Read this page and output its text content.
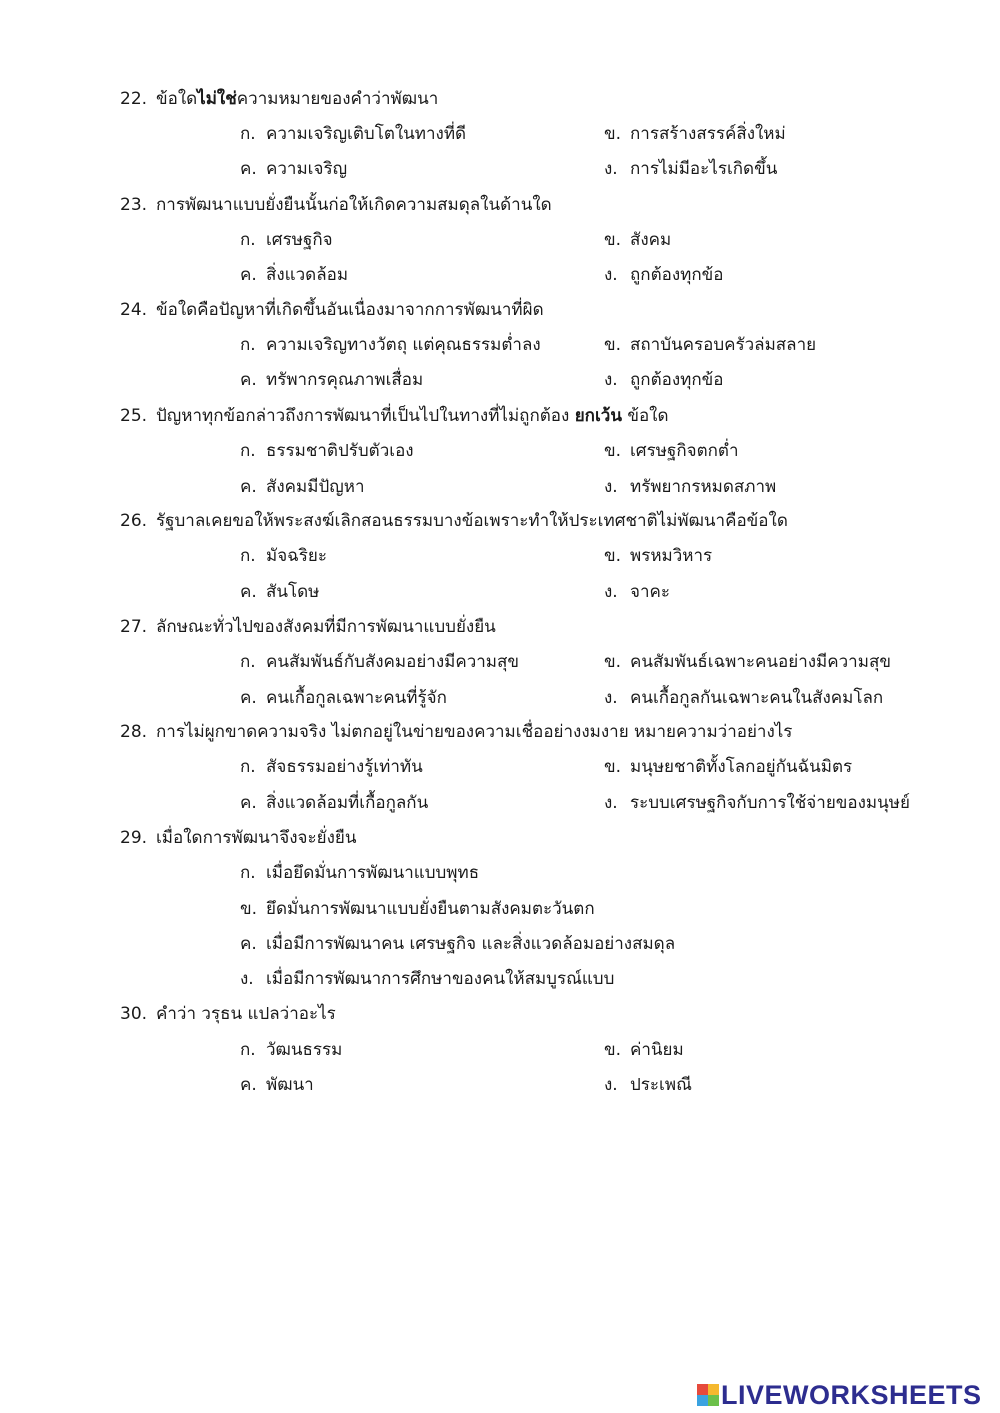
22. ข้อใดไม่ใช่ความหมายของคำว่าพัฒนา
ก. ความเจริญเติบโตในทางที่ดี	ข. การสร้างสรรค์สิ่งใหม่
ค. ความเจริญ	ง. การไม่มีอะไรเกิดขึ้น
23. การพัฒนาแบบยั่งยืนนั้นก่อให้เกิดความสมดุลในด้านใด
ก. เศรษฐกิจ	ข. สังคม
ค. สิ่งแวดล้อม	ง. ถูกต้องทุกข้อ
24. ข้อใดคือปัญหาที่เกิดขึ้นอันเนื่องมาจากการพัฒนาที่ผิด
ก. ความเจริญทางวัตถุ แต่คุณธรรมต่ำลง	ข. สถาบันครอบครัวล่มสลาย
ค. ทรัพากรคุณภาพเสื่อม	ง. ถูกต้องทุกข้อ
25. ปัญหาทุกข้อกล่าวถึงการพัฒนาที่เป็นไปในทางที่ไม่ถูกต้อง ยกเว้น ข้อใด
ก. ธรรมชาติปรับตัวเอง	ข. เศรษฐกิจตกต่ำ
ค. สังคมมีปัญหา	ง. ทรัพยากรหมดสภาพ
26. รัฐบาลเคยขอให้พระสงฆ์เลิกสอนธรรมบางข้อเพราะทำให้ประเทศชาติไม่พัฒนาคือข้อใด
ก. มัจฉริยะ	ข. พรหมวิหาร
ค. สันโดษ	ง. จาคะ
27. ลักษณะทั่วไปของสังคมที่มีการพัฒนาแบบยั่งยืน
ก. คนสัมพันธ์กับสังคมอย่างมีความสุข	ข. คนสัมพันธ์เฉพาะคนอย่างมีความสุข
ค. คนเกื้อกูลเฉพาะคนที่รู้จัก	ง. คนเกื้อกูลกันเฉพาะคนในสังคมโลก
28. การไม่ผูกขาดความจริง ไม่ตกอยู่ในข่ายของความเชื่ออย่างงมงาย หมายความว่าอย่างไร
ก. สัจธรรมอย่างรู้เท่าทัน	ข. มนุษยชาติทั้งโลกอยู่กันฉันมิตร
ค. สิ่งแวดล้อมที่เกื้อกูลกัน	ง. ระบบเศรษฐกิจกับการใช้จ่ายของมนุษย์
29. เมื่อใดการพัฒนาจึงจะยั่งยืน
ก. เมื่อยึดมั่นการพัฒนาแบบพุทธ
ข. ยึดมั่นการพัฒนาแบบยั่งยืนตามสังคมตะวันตก
ค. เมื่อมีการพัฒนาคน เศรษฐกิจ และสิ่งแวดล้อมอย่างสมดุล
ง. เมื่อมีการพัฒนาการศึกษาของคนให้สมบูรณ์แบบ
30. คำว่า วรุธน แปลว่าอะไร
ก. วัฒนธรรม	ข. ค่านิยม
ค. พัฒนา	ง. ประเพณี
LIVEWORKSHEETS
